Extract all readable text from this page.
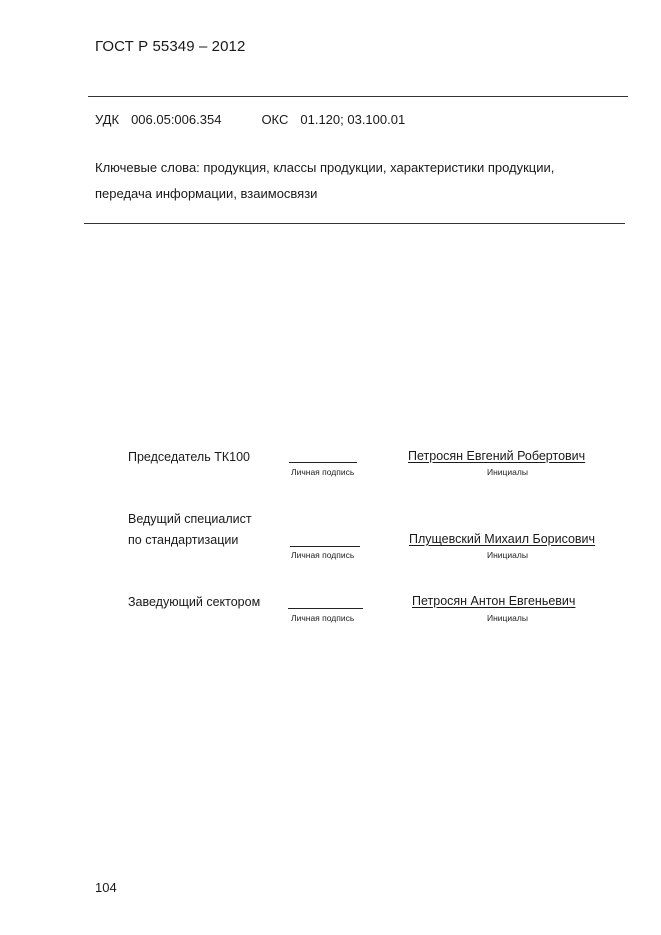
ГОСТ Р 55349 – 2012
УДК 006.05:006.354	ОКС 01.120; 03.100.01
Ключевые слова: продукция, классы продукции, характеристики продукции,
передача информации, взаимосвязи
Председатель ТК100
Личная подпись
Петросян Евгений Робертович
Инициалы
Ведущий специалист
по стандартизации
Личная подпись
Плущевский Михаил Борисович
Инициалы
Заведующий сектором
Личная подпись
Петросян Антон Евгеньевич
Инициалы
104
